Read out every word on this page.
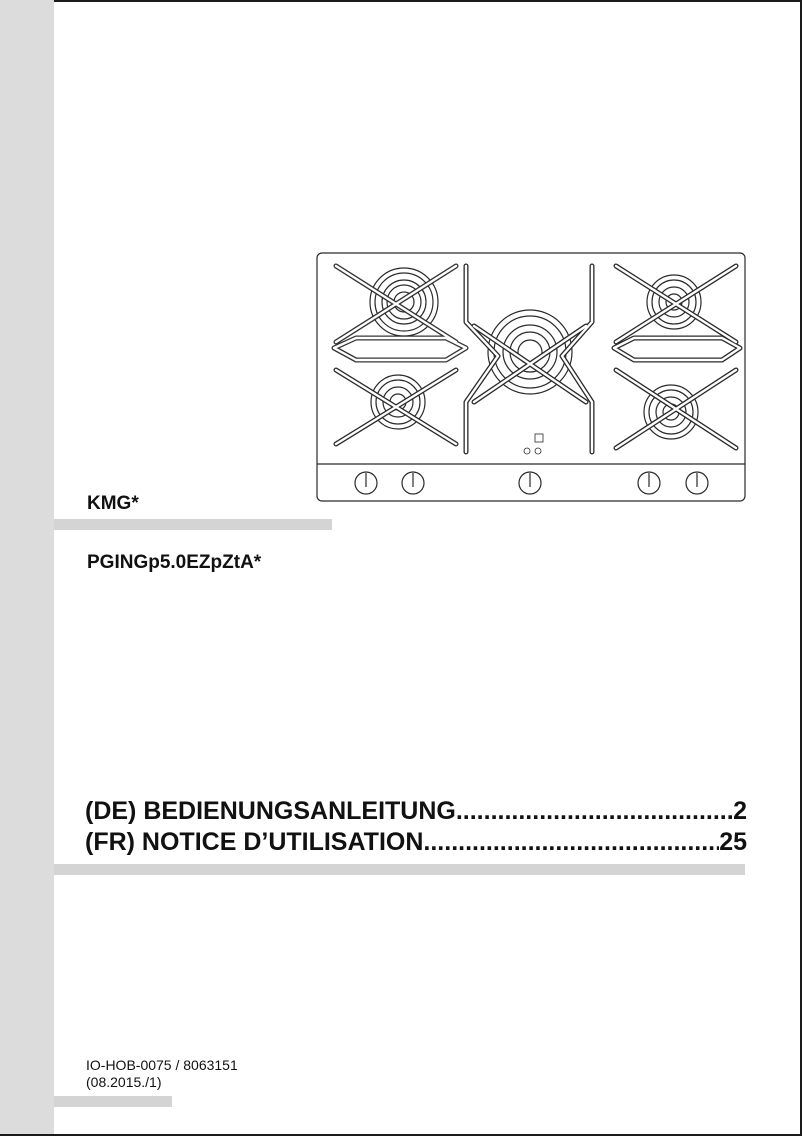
KMG*
PGINGp5.0EZpZtA*
(DE) BEDIENUNGSANLEITUNG .....	2
(FR) NOTICE D’UTILISATION .....	25
IO-HOB-0075 / 8063151
(08.2015./1)
